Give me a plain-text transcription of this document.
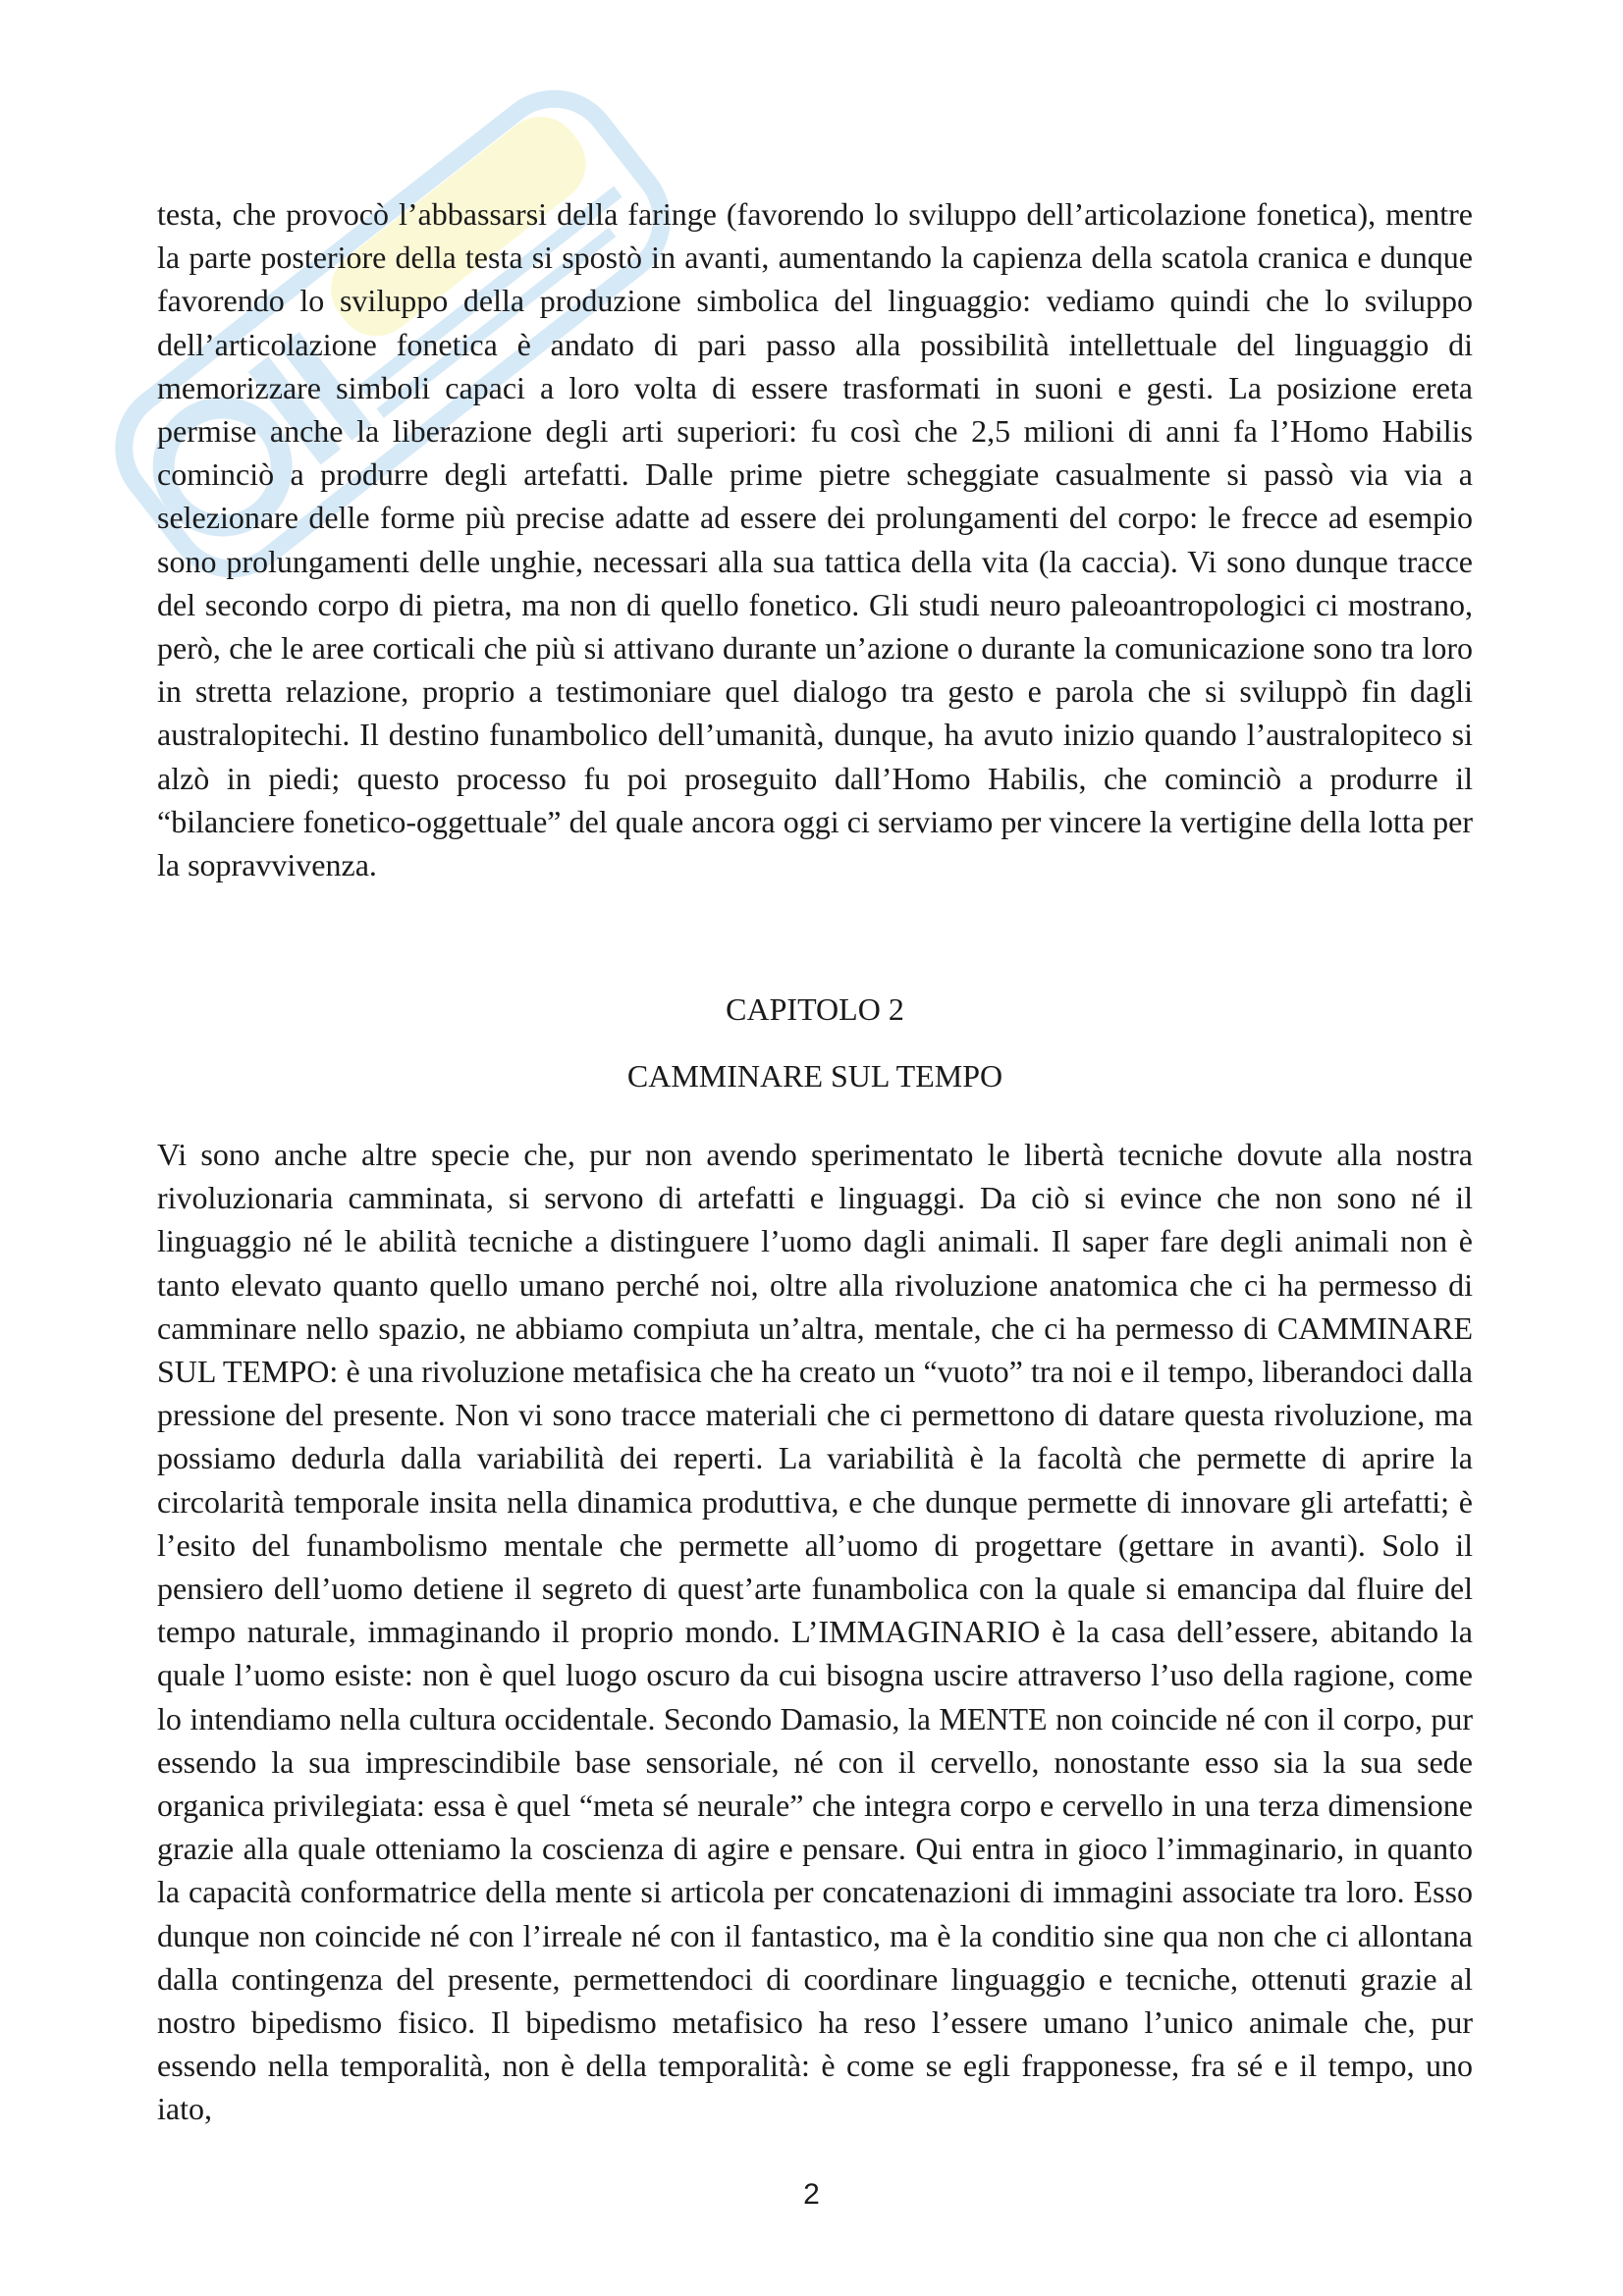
testa, che provocò l’abbassarsi della faringe (favorendo lo sviluppo dell’articolazione fonetica), mentre la parte posteriore della testa si spostò in avanti, aumentando la capienza della scatola cranica e dunque favorendo lo sviluppo della produzione simbolica del linguaggio: vediamo quindi che lo sviluppo dell’articolazione fonetica è andato di pari passo alla possibilità intellettuale del linguaggio di memorizzare simboli capaci a loro volta di essere trasformati in suoni e gesti. La posizione ereta permise anche la liberazione degli arti superiori: fu così che 2,5 milioni di anni fa l’Homo Habilis cominciò a produrre degli artefatti. Dalle prime pietre scheggiate casualmente si passò via via a selezionare delle forme più precise adatte ad essere dei prolungamenti del corpo: le frecce ad esempio sono prolungamenti delle unghie, necessari alla sua tattica della vita (la caccia). Vi sono dunque tracce del secondo corpo di pietra, ma non di quello fonetico. Gli studi neuro paleoantropologici ci mostrano, però, che le aree corticali che più si attivano durante un’azione o durante la comunicazione sono tra loro in stretta relazione, proprio a testimoniare quel dialogo tra gesto e parola che si sviluppò fin dagli australopitechi. Il destino funambolico dell’umanità, dunque, ha avuto inizio quando l’australopiteco si alzò in piedi; questo processo fu poi proseguito dall’Homo Habilis, che cominciò a produrre il “bilanciere fonetico-oggettuale” del quale ancora oggi ci serviamo per vincere la vertigine della lotta per la sopravvivenza.

CAPITOLO 2

CAMMINARE SUL TEMPO

Vi sono anche altre specie che, pur non avendo sperimentato le libertà tecniche dovute alla nostra rivoluzionaria camminata, si servono di artefatti e linguaggi. Da ciò si evince che non sono né il linguaggio né le abilità tecniche a distinguere l’uomo dagli animali. Il saper fare degli animali non è tanto elevato quanto quello umano perché noi, oltre alla rivoluzione anatomica che ci ha permesso di camminare nello spazio, ne abbiamo compiuta un’altra, mentale, che ci ha permesso di CAMMINARE SUL TEMPO: è una rivoluzione metafisica che ha creato un “vuoto” tra noi e il tempo, liberandoci dalla pressione del presente. Non vi sono tracce materiali che ci permettono di datare questa rivoluzione, ma possiamo dedurla dalla variabilità dei reperti. La variabilità è la facoltà che permette di aprire la circolarità temporale insita nella dinamica produttiva, e che dunque permette di innovare gli artefatti; è l’esito del funambolismo mentale che permette all’uomo di progettare (gettare in avanti). Solo il pensiero dell’uomo detiene il segreto di quest’arte funambolica con la quale si emancipa dal fluire del tempo naturale, immaginando il proprio mondo. L’IMMAGINARIO è la casa dell’essere, abitando la quale l’uomo esiste: non è quel luogo oscuro da cui bisogna uscire attraverso l’uso della ragione, come lo intendiamo nella cultura occidentale. Secondo Damasio, la MENTE non coincide né con il corpo, pur essendo la sua imprescindibile base sensoriale, né con il cervello, nonostante esso sia la sua sede organica privilegiata: essa è quel “meta sé neurale” che integra corpo e cervello in una terza dimensione grazie alla quale otteniamo la coscienza di agire e pensare. Qui entra in gioco l’immaginario, in quanto la capacità conformatrice della mente si articola per concatenazioni di immagini associate tra loro. Esso dunque non coincide né con l’irreale né con il fantastico, ma è la conditio sine qua non che ci allontana dalla contingenza del presente, permettendoci di coordinare linguaggio e tecniche, ottenuti grazie al nostro bipedismo fisico. Il bipedismo metafisico ha reso l’essere umano l’unico animale che, pur essendo nella temporalità, non è della temporalità: è come se egli frapponesse, fra sé e il tempo, uno iato,

2
